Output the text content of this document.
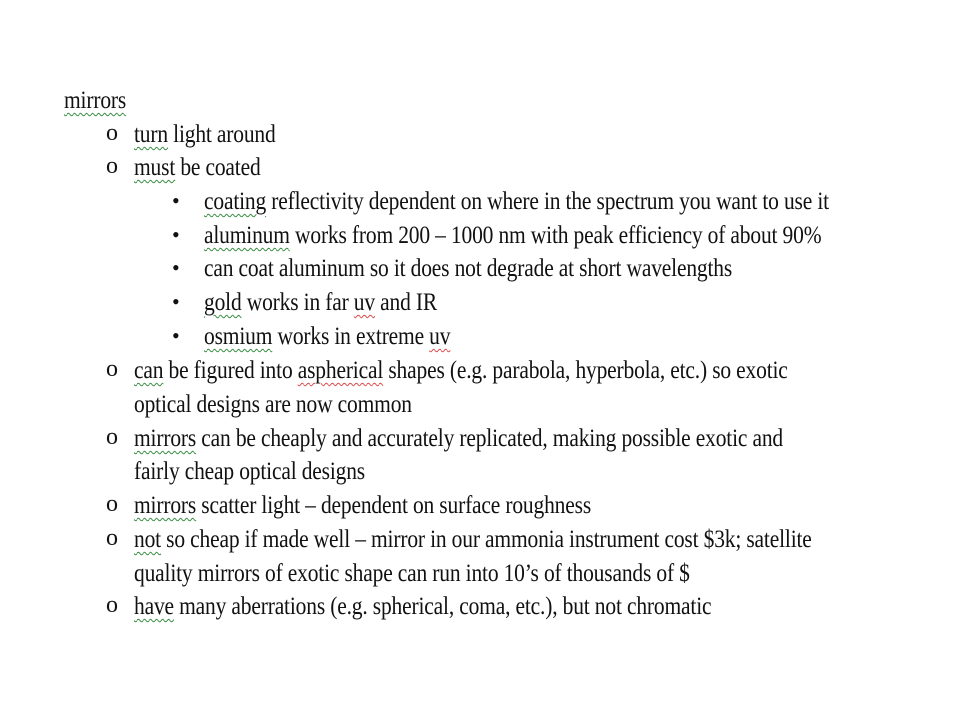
mirrors
o turn light around
o must be coated
• coating reflectivity dependent on where in the spectrum you want to use it
• aluminum works from 200 – 1000 nm with peak efficiency of about 90%
• can coat aluminum so it does not degrade at short wavelengths
• gold works in far uv and IR
• osmium works in extreme uv
o can be figured into aspherical shapes (e.g. parabola, hyperbola, etc.) so exotic
optical designs are now common
o mirrors can be cheaply and accurately replicated, making possible exotic and
fairly cheap optical designs
o mirrors scatter light – dependent on surface roughness
o not so cheap if made well – mirror in our ammonia instrument cost $3k; satellite
quality mirrors of exotic shape can run into 10’s of thousands of $
o have many aberrations (e.g. spherical, coma, etc.), but not chromatic
